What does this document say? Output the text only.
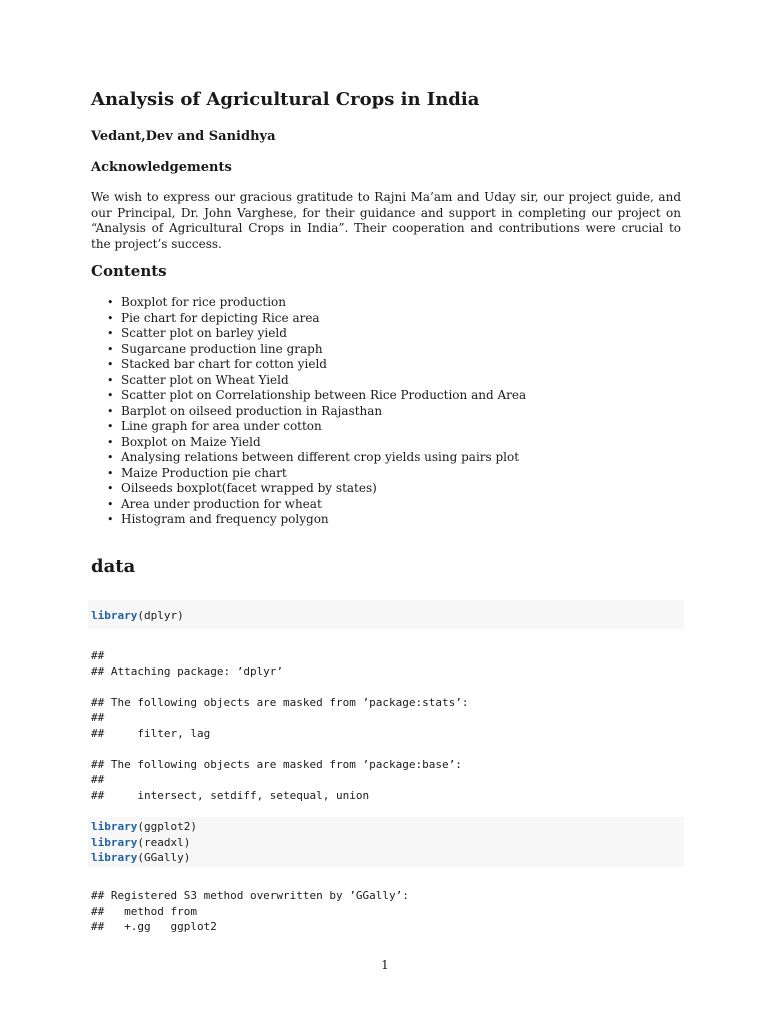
Analysis of Agricultural Crops in India
Vedant,Dev and Sanidhya
Acknowledgements

We wish to express our gracious gratitude to Rajni Ma’am and Uday sir, our project guide, and our Principal, Dr. John Varghese, for their guidance and support in completing our project on “Analysis of Agricultural Crops in India”. Their cooperation and contributions were crucial to the project’s success.

Contents
• Boxplot for rice production
• Pie chart for depicting Rice area
• Scatter plot on barley yield
• Sugarcane production line graph
• Stacked bar chart for cotton yield
• Scatter plot on Wheat Yield
• Scatter plot on Correlationship between Rice Production and Area
• Barplot on oilseed production in Rajasthan
• Line graph for area under cotton
• Boxplot on Maize Yield
• Analysing relations between different crop yields using pairs plot
• Maize Production pie chart
• Oilseeds boxplot(facet wrapped by states)
• Area under production for wheat
• Histogram and frequency polygon
data
library(dplyr)
##
## Attaching package: ’dplyr’
## The following objects are masked from ’package:stats’:
##
##     filter, lag
## The following objects are masked from ’package:base’:
##
##     intersect, setdiff, setequal, union
library(ggplot2)
library(readxl)
library(GGally)
## Registered S3 method overwritten by ’GGally’:
##   method from
##   +.gg   ggplot2
1
